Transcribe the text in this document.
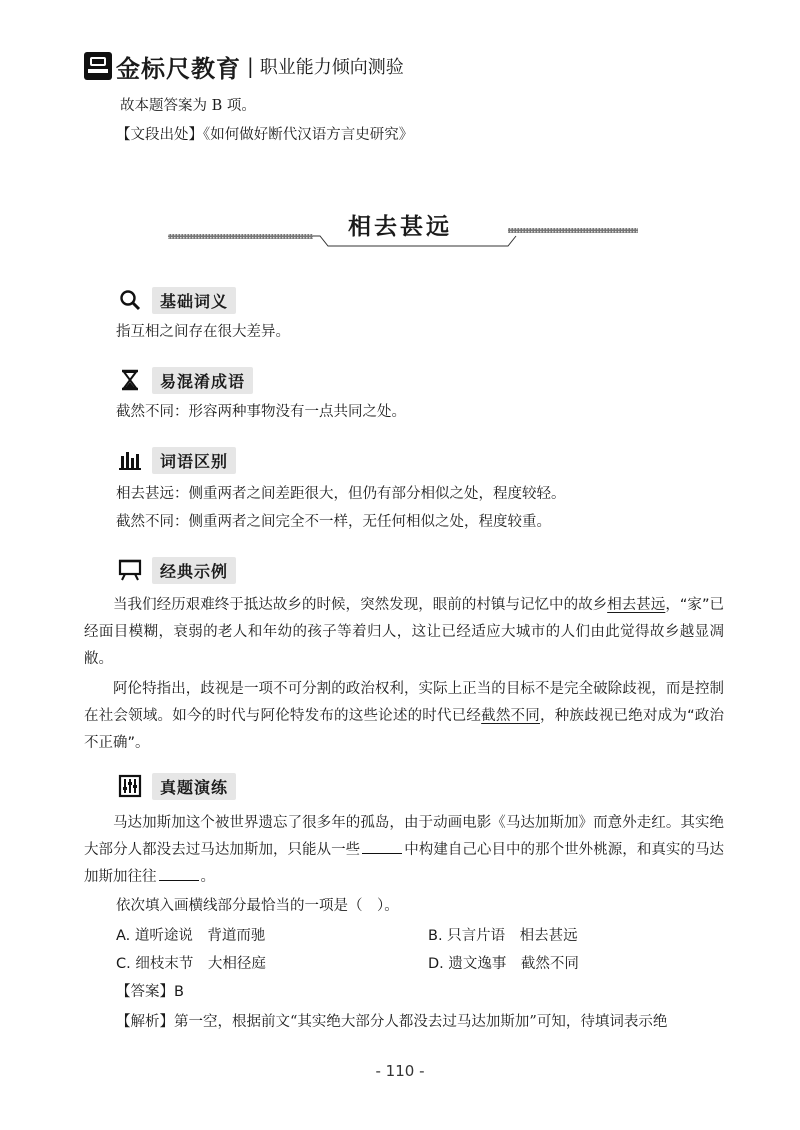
金标尺教育 | 职业能力倾向测验
故本题答案为 B 项。
【文段出处】《如何做好断代汉语方言史研究》
相去甚远
基础词义
指互相之间存在很大差异。
易混淆成语
截然不同：形容两种事物没有一点共同之处。
词语区别
相去甚远：侧重两者之间差距很大，但仍有部分相似之处，程度较轻。
截然不同：侧重两者之间完全不一样，无任何相似之处，程度较重。
经典示例
当我们经历艰难终于抵达故乡的时候，突然发现，眼前的村镇与记忆中的故乡相去甚远，“家”已经面目模糊，衰弱的老人和年幼的孩子等着归人，这让已经适应大城市的人们由此觉得故乡越显凋敝。
阿伦特指出，歧视是一项不可分割的政治权利，实际上正当的目标不是完全破除歧视，而是控制在社会领域。如今的时代与阿伦特发布的这些论述的时代已经截然不同，种族歧视已绝对成为“政治不正确”。
真题演练
马达加斯加这个被世界遗忘了很多年的孤岛，由于动画电影《马达加斯加》而意外走红。其实绝大部分人都没去过马达加斯加，只能从一些	中构建自己心目中的那个世外桃源，和真实的马达加斯加往往	。
依次填入画横线部分最恰当的一项是（　）。
A. 道听途说　背道而驰	B. 只言片语　相去甚远
C. 细枝末节　大相径庭	D. 遗文逸事　截然不同
【答案】B
【解析】第一空，根据前文“其实绝大部分人都没去过马达加斯加”可知，待填词表示绝
- 110 -
